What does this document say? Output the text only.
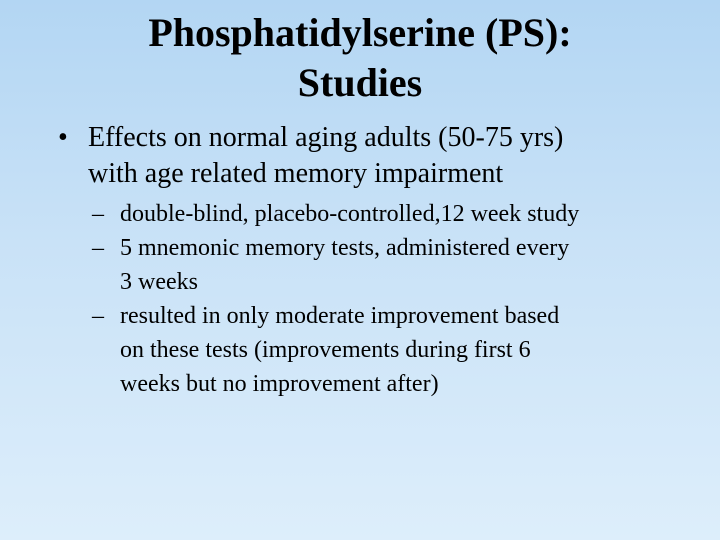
Phosphatidylserine (PS):
Studies
• Effects on normal aging adults (50-75 yrs)
with age related memory impairment
– double-blind, placebo-controlled,12 week study
– 5 mnemonic memory tests, administered every
3 weeks
– resulted in only moderate improvement based
on these tests (improvements during first 6
weeks but no improvement after)
